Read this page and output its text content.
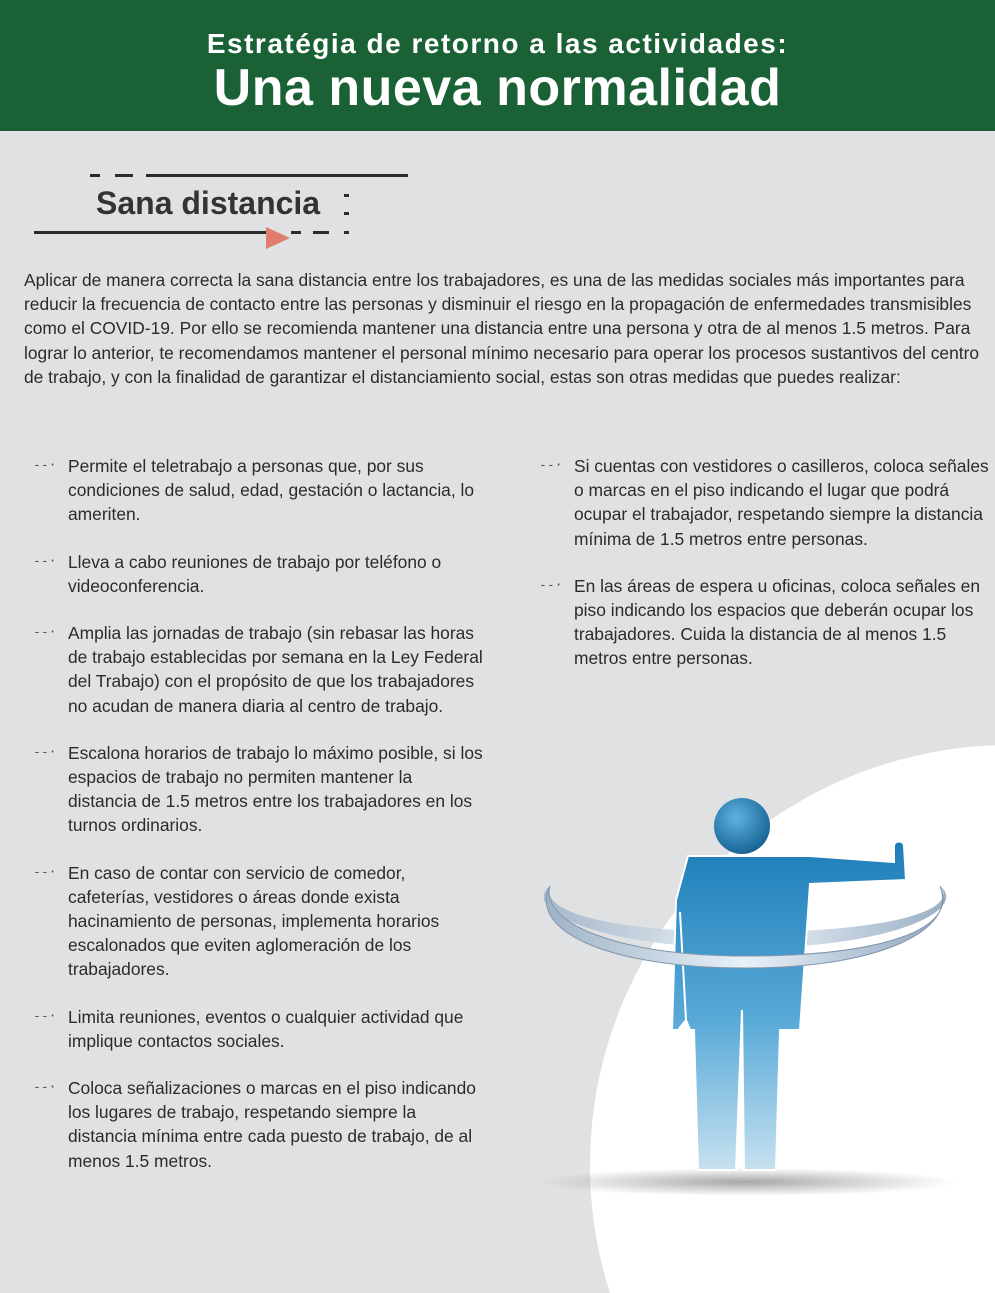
Estratégia de retorno a las actividades:
Una nueva normalidad
Sana distancia
Aplicar de manera correcta la sana distancia entre los trabajadores, es una de las medidas sociales más importantes para reducir la frecuencia de contacto entre las personas y disminuir el riesgo en la propagación de enfermedades transmisibles como el COVID-19. Por ello se recomienda mantener una distancia entre una persona y otra de al menos 1.5 metros. Para lograr lo anterior, te recomendamos mantener el personal mínimo necesario para operar los procesos sustantivos del centro de trabajo, y con la finalidad de garantizar el distanciamiento social, estas son otras medidas que puedes realizar:
--· Permite el teletrabajo a personas que, por sus condiciones de salud, edad, gestación o lactancia, lo ameriten.
--· Lleva a cabo reuniones de trabajo por teléfono o videoconferencia.
--· Amplia las jornadas de trabajo (sin rebasar las horas de trabajo establecidas por semana en la Ley Federal del Trabajo) con el propósito de que los trabajadores no acudan de manera diaria al centro de trabajo.
--· Escalona horarios de trabajo lo máximo posible, si los espacios de trabajo no permiten mantener la distancia de 1.5 metros entre los trabajadores en los turnos ordinarios.
--· En caso de contar con servicio de comedor, cafeterías, vestidores o áreas donde exista hacinamiento de personas, implementa horarios escalonados que eviten aglomeración de los trabajadores.
--· Limita reuniones, eventos o cualquier actividad que implique contactos sociales.
--· Coloca señalizaciones o marcas en el piso indicando los lugares de trabajo, respetando siempre la distancia mínima entre cada puesto de trabajo, de al menos 1.5 metros.
--· Si cuentas con vestidores o casilleros, coloca señales o marcas en el piso indicando el lugar que podrá ocupar el trabajador, respetando siempre la distancia mínima de 1.5 metros entre personas.
--· En las áreas de espera u oficinas, coloca señales en piso indicando los espacios que deberán ocupar los trabajadores. Cuida la distancia de al menos 1.5 metros entre personas.
